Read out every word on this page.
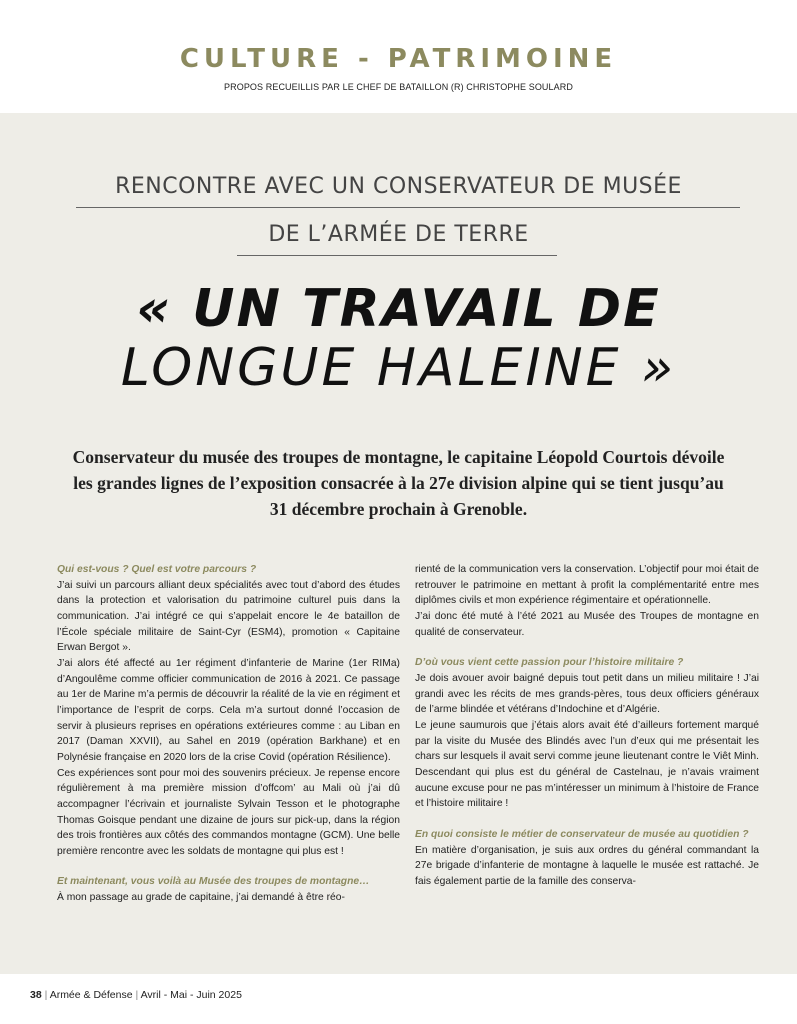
CULTURE - PATRIMOINE
PROPOS RECUEILLIS PAR LE CHEF DE BATAILLON (R) CHRISTOPHE SOULARD
RENCONTRE AVEC UN CONSERVATEUR DE MUSÉE
DE L’ARMÉE DE TERRE
« UN TRAVAIL DE
LONGUE HALEINE »
Conservateur du musée des troupes de montagne, le capitaine Léopold Courtois dévoile les grandes lignes de l’exposition consacrée à la 27e division alpine qui se tient jusqu’au 31 décembre prochain à Grenoble.

Qui est-vous ? Quel est votre parcours ?

J’ai suivi un parcours alliant deux spécialités avec tout d’abord des études dans la protection et valorisation du patrimoine culturel puis dans la communication. J’ai intégré ce qui s’appelait encore le 4e bataillon de l’École spéciale militaire de Saint-Cyr (ESM4), promotion « Capitaine Erwan Bergot ».

J’ai alors été affecté au 1er régiment d’infanterie de Marine (1er RIMa) d’Angoulême comme officier communication de 2016 à 2021. Ce passage au 1er de Marine m’a permis de découvrir la réalité de la vie en régiment et l’importance de l’esprit de corps. Cela m’a surtout donné l’occasion de servir à plusieurs reprises en opérations extérieures comme : au Liban en 2017 (Daman XXVII), au Sahel en 2019 (opération Barkhane) et en Polynésie française en 2020 lors de la crise Covid (opération Résilience).

Ces expériences sont pour moi des souvenirs précieux. Je repense encore régulièrement à ma première mission d’offcom’ au Mali où j’ai dû accompagner l’écrivain et journaliste Sylvain Tesson et le photographe Thomas Goisque pendant une dizaine de jours sur pick-up, dans la région des trois frontières aux côtés des commandos montagne (GCM). Une belle première rencontre avec les soldats de montagne qui plus est !

Et maintenant, vous voilà au Musée des troupes de montagne…

À mon passage au grade de capitaine, j’ai demandé à être réo-

rienté de la communication vers la conservation. L’objectif pour moi était de retrouver le patrimoine en mettant à profit la complémentarité entre mes diplômes civils et mon expérience régimentaire et opérationnelle.

J’ai donc été muté à l’été 2021 au Musée des Troupes de montagne en qualité de conservateur.

D’où vous vient cette passion pour l’histoire militaire ?

Je dois avouer avoir baigné depuis tout petit dans un milieu militaire ! J’ai grandi avec les récits de mes grands-pères, tous deux officiers généraux de l’arme blindée et vétérans d’Indochine et d’Algérie.

Le jeune saumurois que j’étais alors avait été d’ailleurs fortement marqué par la visite du Musée des Blindés avec l’un d’eux qui me présentait les chars sur lesquels il avait servi comme jeune lieutenant contre le Viêt Minh. Descendant qui plus est du général de Castelnau, je n’avais vraiment aucune excuse pour ne pas m’intéresser un minimum à l’histoire de France et l’histoire militaire !

En quoi consiste le métier de conservateur de musée au quotidien ?

En matière d’organisation, je suis aux ordres du général commandant la 27e brigade d’infanterie de montagne à laquelle le musée est rattaché. Je fais également partie de la famille des conserva-

38 | Armée & Défense | Avril - Mai - Juin 2025
